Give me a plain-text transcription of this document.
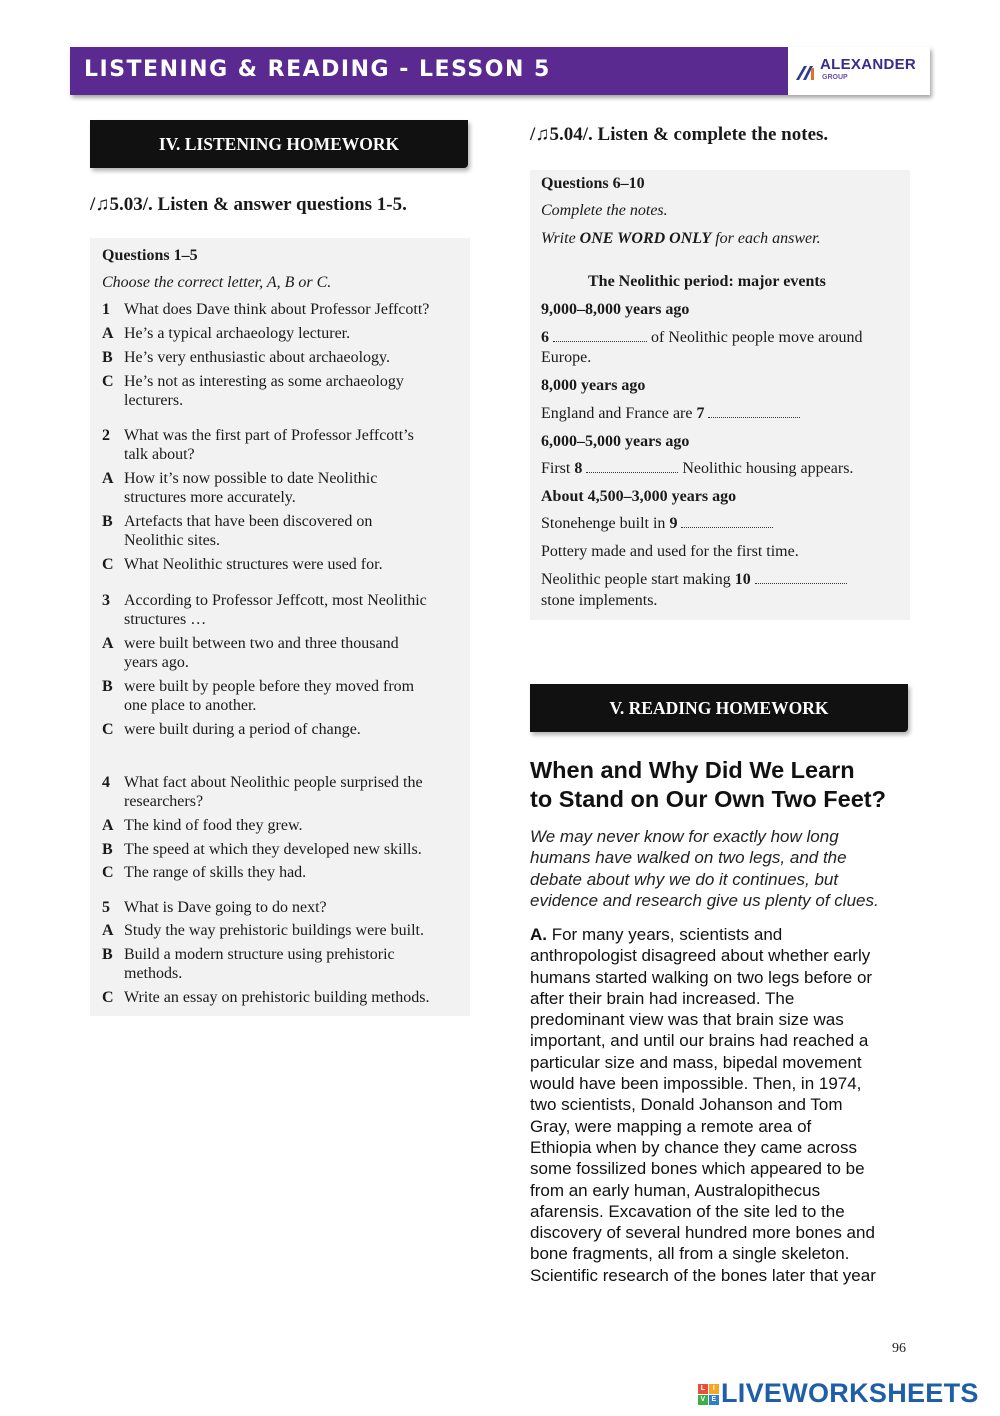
LISTENING & READING - LESSON 5	ALEXANDER
GROUP
IV. LISTENING HOMEWORK
/♫5.03/. Listen & answer questions 1-5.
Questions 1–5
Choose the correct letter, A, B or C.
1 What does Dave think about Professor Jeffcott?
A He’s a typical archaeology lecturer.
B He’s very enthusiastic about archaeology.
C He’s not as interesting as some archaeology
lecturers.
2 What was the first part of Professor Jeffcott’s
talk about?
A How it’s now possible to date Neolithic
structures more accurately.
B Artefacts that have been discovered on
Neolithic sites.
C What Neolithic structures were used for.
3 According to Professor Jeffcott, most Neolithic
structures …
A were built between two and three thousand
years ago.
B were built by people before they moved from
one place to another.
C were built during a period of change.
4 What fact about Neolithic people surprised the
researchers?
A The kind of food they grew.
B The speed at which they developed new skills.
C The range of skills they had.
5 What is Dave going to do next?
A Study the way prehistoric buildings were built.
B Build a modern structure using prehistoric
methods.
C Write an essay on prehistoric building methods.
/♫5.04/. Listen & complete the notes.
Questions 6–10
Complete the notes.
Write ONE WORD ONLY for each answer.
The Neolithic period: major events
9,000–8,000 years ago
6	of Neolithic people move around
Europe.
8,000 years ago
England and France are 7
6,000–5,000 years ago
First 8	Neolithic housing appears.
About 4,500–3,000 years ago
Stonehenge built in 9
Pottery made and used for the first time.
Neolithic people start making 10
stone implements.
V. READING HOMEWORK
When and Why Did We Learn
to Stand on Our Own Two Feet?
We may never know for exactly how long
humans have walked on two legs, and the
debate about why we do it continues, but
evidence and research give us plenty of clues.
A. For many years, scientists and
anthropologist disagreed about whether early
humans started walking on two legs before or
after their brain had increased. The
predominant view was that brain size was
important, and until our brains had reached a
particular size and mass, bipedal movement
would have been impossible. Then, in 1974,
two scientists, Donald Johanson and Tom
Gray, were mapping a remote area of
Ethiopia when by chance they came across
some fossilized bones which appeared to be
from an early human, Australopithecus
afarensis. Excavation of the site led to the
discovery of several hundred more bones and
bone fragments, all from a single skeleton.
Scientific research of the bones later that year
96
L	I
V E LIVEWORKSHEETS
